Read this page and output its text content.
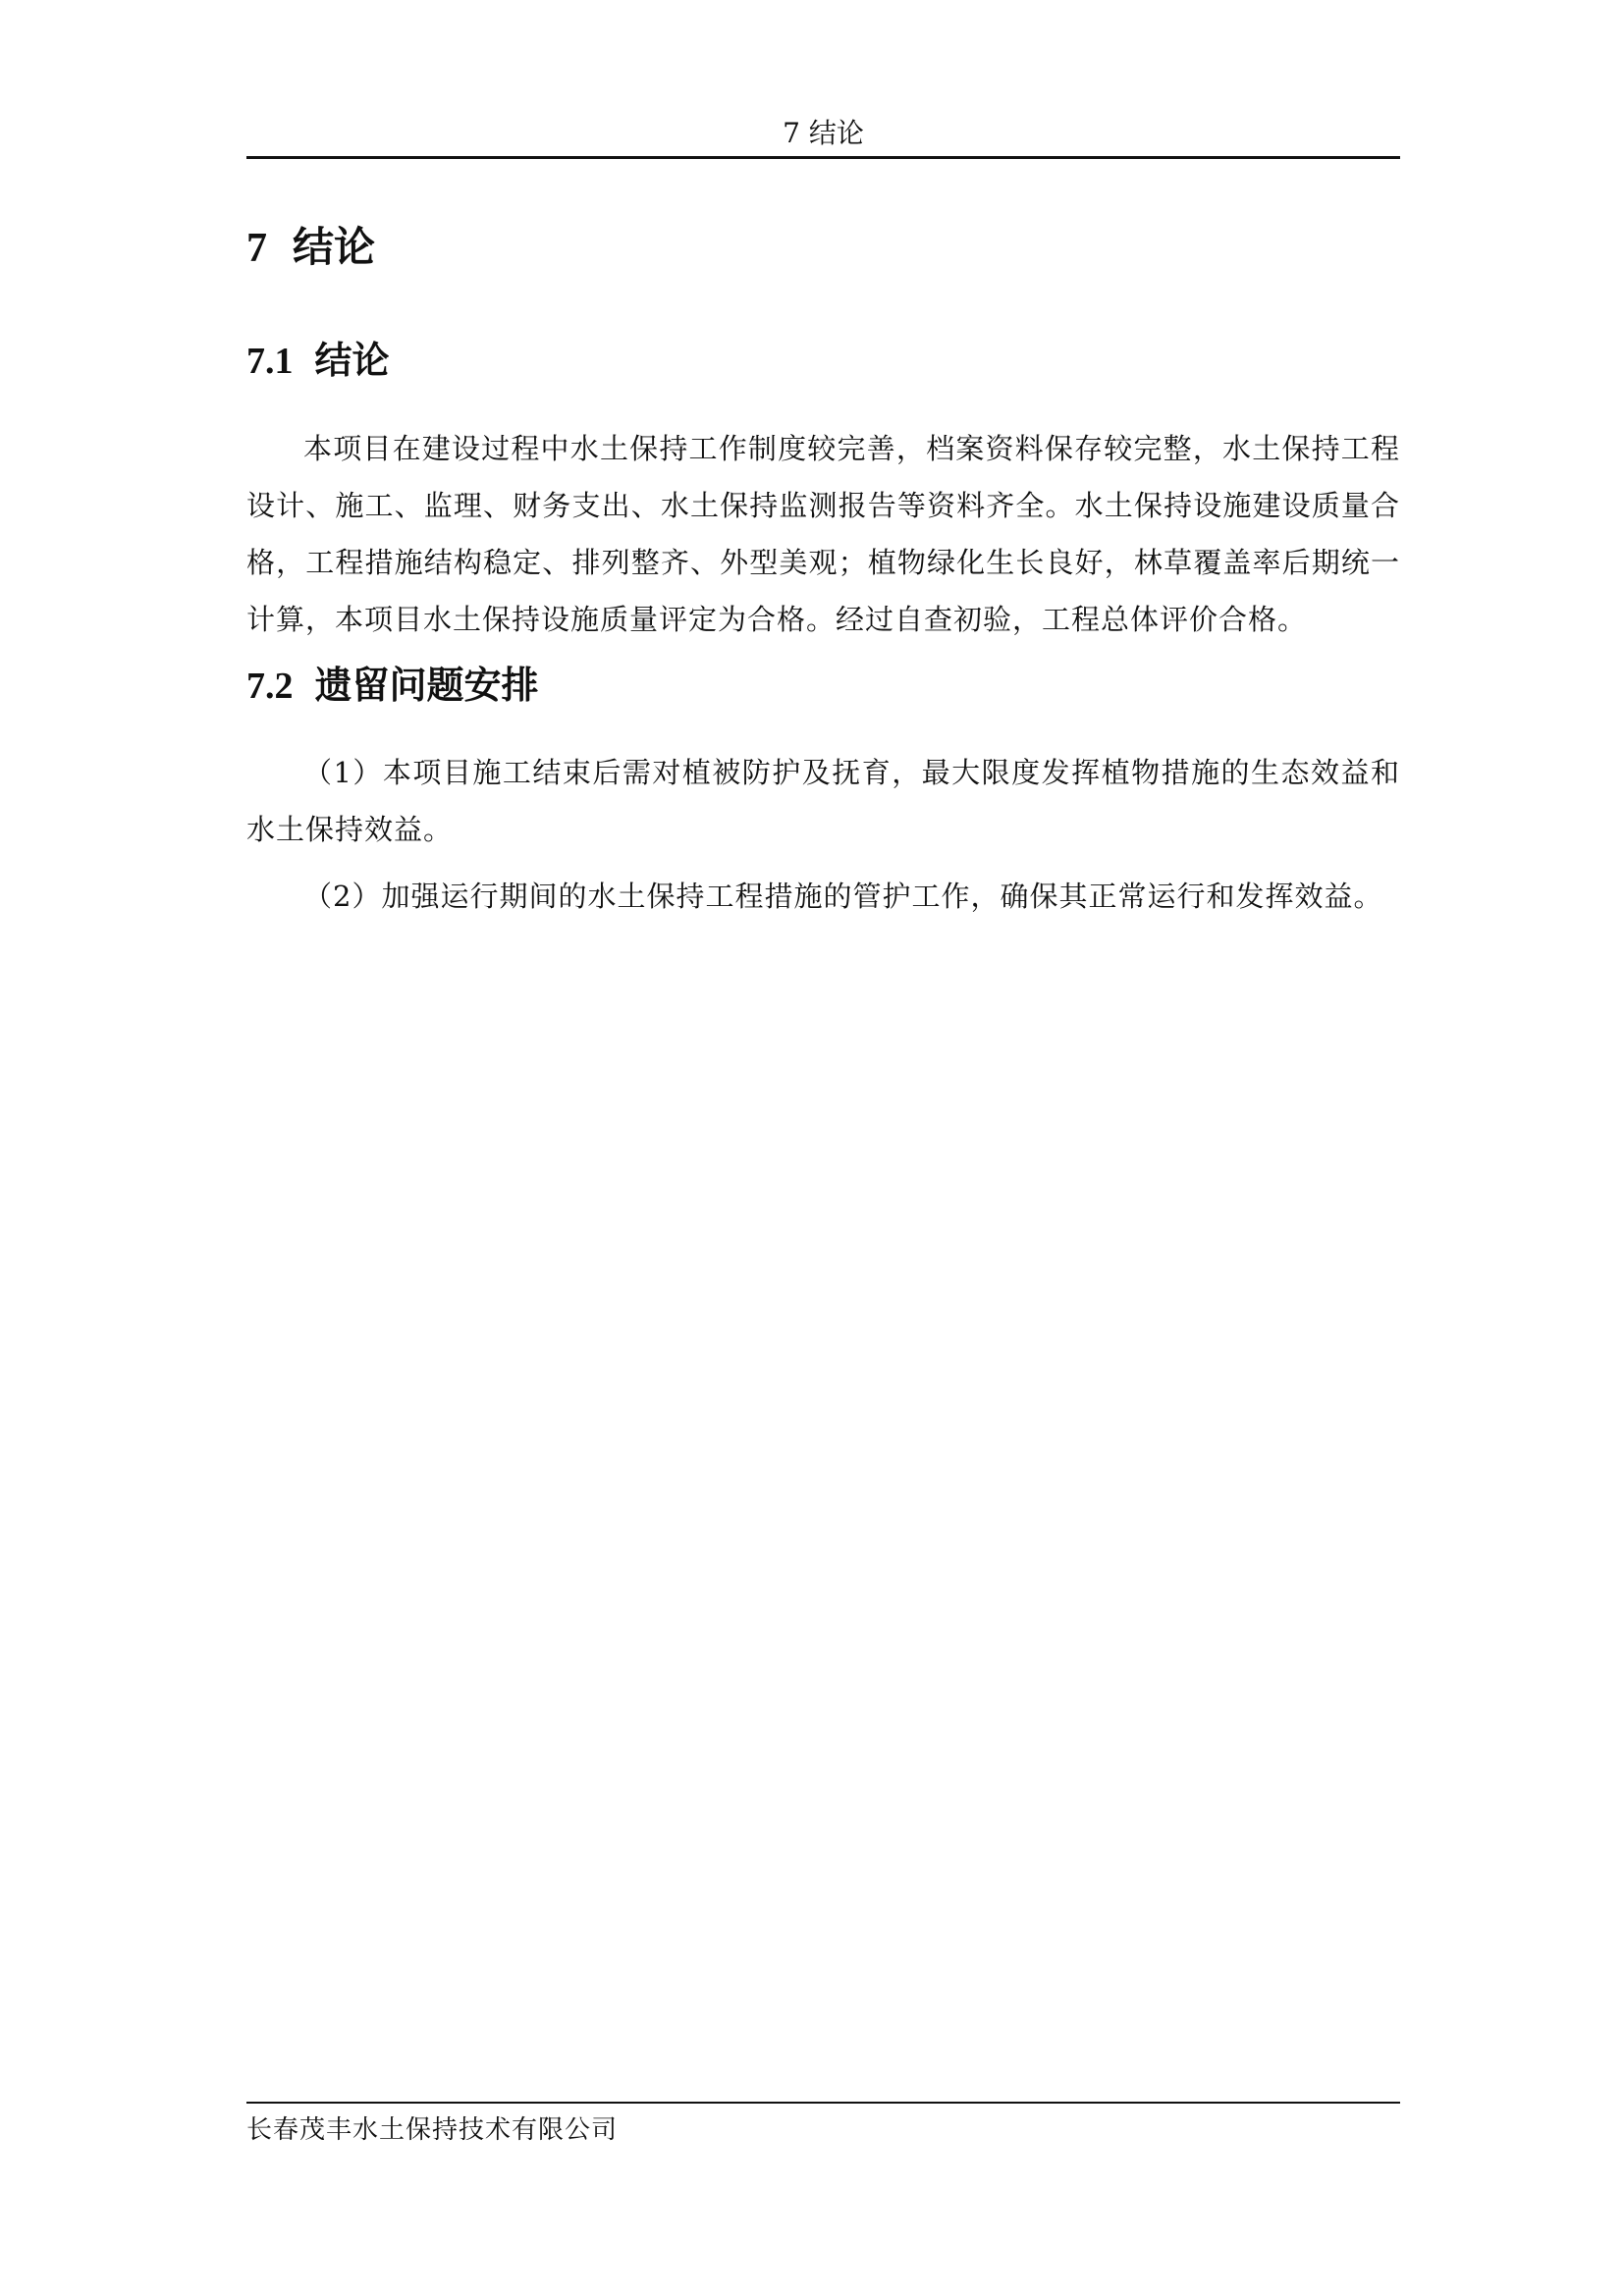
7 结论
7 结论
7.1 结论

本项目在建设过程中水土保持工作制度较完善，档案资料保存较完整，水土保持工程设计、施工、监理、财务支出、水土保持监测报告等资料齐全。水土保持设施建设质量合格，工程措施结构稳定、排列整齐、外型美观；植物绿化生长良好，林草覆盖率后期统一计算，本项目水土保持设施质量评定为合格。经过自查初验，工程总体评价合格。

7.2 遗留问题安排

（1）本项目施工结束后需对植被防护及抚育，最大限度发挥植物措施的生态效益和水土保持效益。

（2）加强运行期间的水土保持工程措施的管护工作，确保其正常运行和发挥效益。

长春茂丰水土保持技术有限公司
